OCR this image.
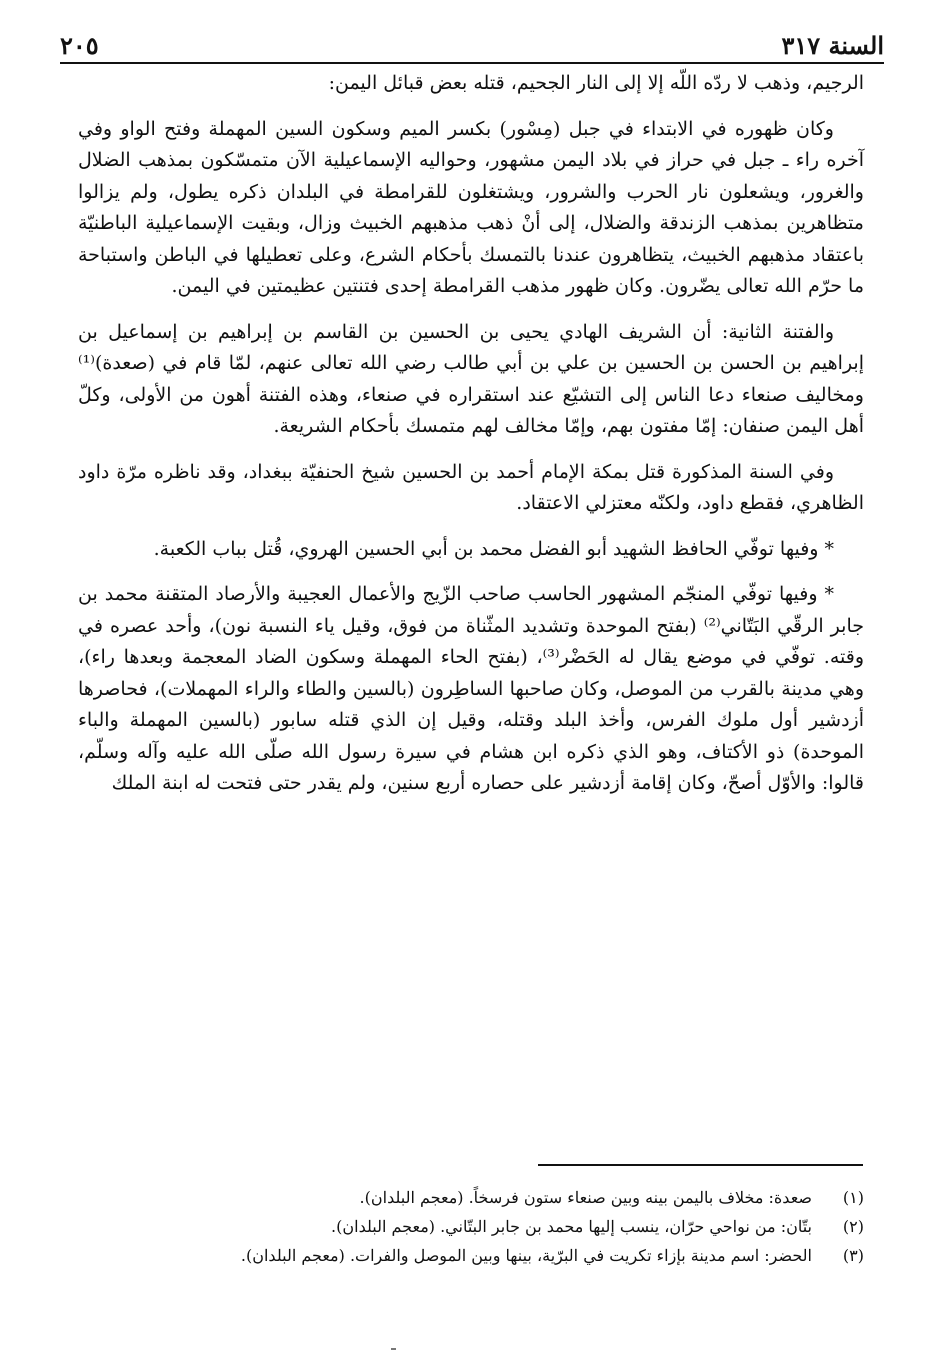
٢٠٥	السنة ٣١٧

الرجيم، وذهب لا ردّه اللّه إلا إلى النار الجحيم، قتله بعض قبائل اليمن:

وكان ظهوره في الابتداء في جبل (مِسْور) بكسر الميم وسكون السين المهملة وفتح الواو وفي آخره راء ـ جبل في حراز في بلاد اليمن مشهور، وحواليه الإسماعيلية الآن متمسّكون بمذهب الضلال والغرور، ويشعلون نار الحرب والشرور، ويشتغلون للقرامطة في البلدان ذكره يطول، ولم يزالوا متظاهرين بمذهب الزندقة والضلال، إلى أنْ ذهب مذهبهم الخبيث وزال، وبقيت الإسماعيلية الباطنيّة باعتقاد مذهبهم الخبيث، يتظاهرون عندنا بالتمسك بأحكام الشرع، وعلى تعطيلها في الباطن واستباحة ما حرّم الله تعالى يضّرون. وكان ظهور مذهب القرامطة إحدى فتنتين عظيمتين في اليمن.

والفتنة الثانية: أن الشريف الهادي يحيى بن الحسين بن القاسم بن إبراهيم بن إسماعيل بن إبراهيم بن الحسن بن الحسين بن علي بن أبي طالب رضي الله تعالى عنهم، لمّا قام في (صعدة)⁽¹⁾ ومخاليف صنعاء دعا الناس إلى التشيّع عند استقراره في صنعاء، وهذه الفتنة أهون من الأولى، وكلّ أهل اليمن صنفان: إمّا مفتون بهم، وإمّا مخالف لهم متمسك بأحكام الشريعة.

وفي السنة المذكورة قتل بمكة الإمام أحمد بن الحسين شيخ الحنفيّة ببغداد، وقد ناظره مرّة داود الظاهري، فقطع داود، ولكنّه معتزلي الاعتقاد.

* وفيها توفّي الحافظ الشهيد أبو الفضل محمد بن أبي الحسين الهروي، قُتل بباب الكعبة.

* وفيها توفّي المنجّم المشهور الحاسب صاحب الزّيج والأعمال العجيبة والأرصاد المتقنة محمد بن جابر الرقّي البَتّاني⁽²⁾ (بفتح الموحدة وتشديد المثّناة من فوق، وقيل ياء النسبة نون)، وأحد عصره في وقته. توفّي في موضع يقال له الحَضْر⁽³⁾، (بفتح الحاء المهملة وسكون الضاد المعجمة وبعدها راء)، وهي مدينة بالقرب من الموصل، وكان صاحبها الساطِرون (بالسين والطاء والراء المهملات)، فحاصرها أزدشير أول ملوك الفرس، وأخذ البلد وقتله، وقيل إن الذي قتله سابور (بالسين المهملة والباء الموحدة) ذو الأكتاف، وهو الذي ذكره ابن هشام في سيرة رسول الله صلّى الله عليه وآله وسلّم، قالوا: والأوّل أصحّ، وكان إقامة أزدشير على حصاره أربع سنين، ولم يقدر حتى فتحت له ابنة الملك

(١)
صعدة: مخلاف باليمن بينه وبين صنعاء ستون فرسخاً. (معجم البلدان).
(٢)
بتّان: من نواحي حرّان، ينسب إليها محمد بن جابر البتّاني. (معجم البلدان).
(٣)
الحضر: اسم مدينة بإزاء تكريت في البرّية، بينها وبين الموصل والفرات. (معجم البلدان).
